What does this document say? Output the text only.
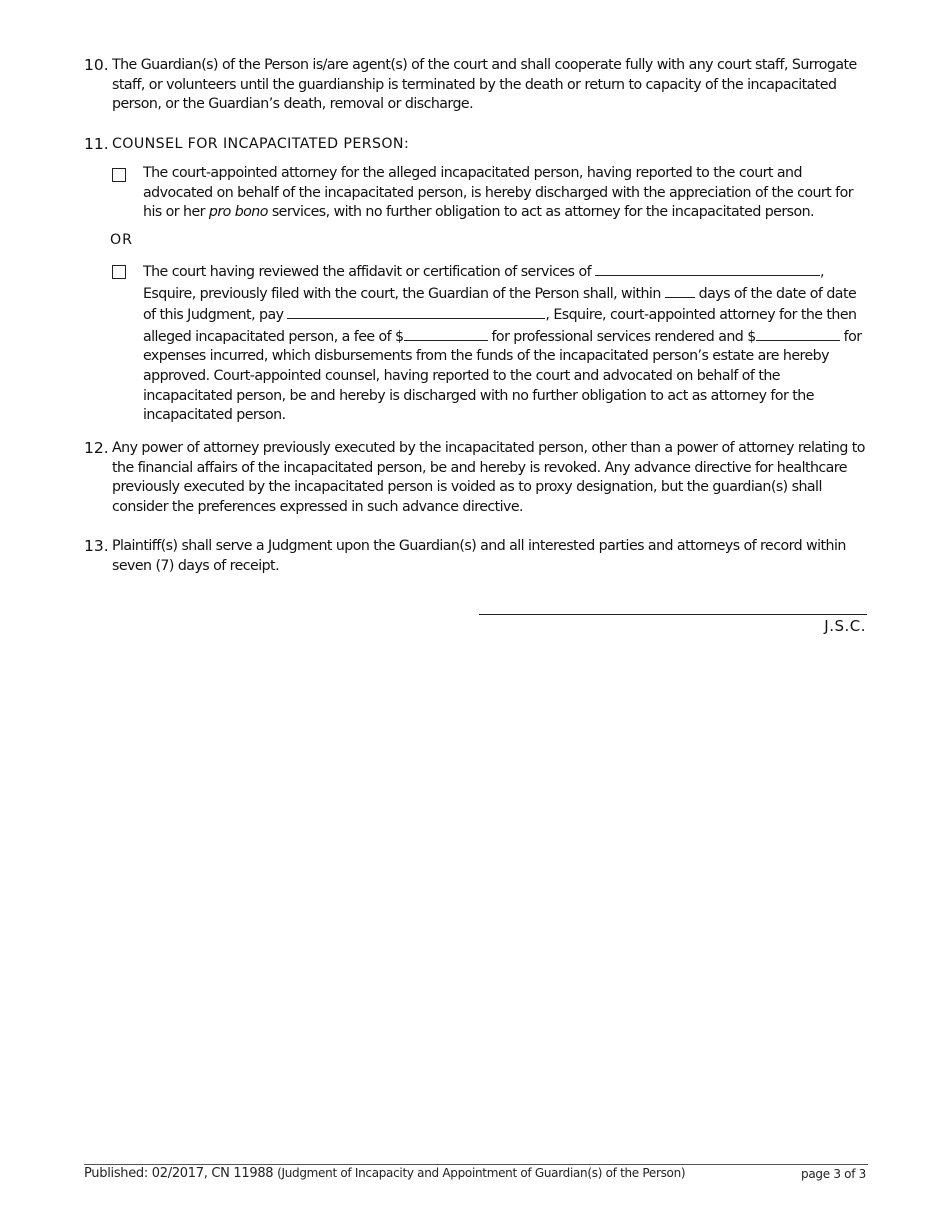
10. The Guardian(s) of the Person is/are agent(s) of the court and shall cooperate fully with any court staff, Surrogate staff, or volunteers until the guardianship is terminated by the death or return to capacity of the incapacitated person, or the Guardian’s death, removal or discharge.
11. COUNSEL FOR INCAPACITATED PERSON:
The court-appointed attorney for the alleged incapacitated person, having reported to the court and advocated on behalf of the incapacitated person, is hereby discharged with the appreciation of the court for his or her pro bono services, with no further obligation to act as attorney for the incapacitated person.
OR
The court having reviewed the affidavit or certification of services of	, Esquire, previously filed with the court, the Guardian of the Person shall, within  days of the date of date of this Judgment, pay	, Esquire, court-appointed attorney for the then alleged incapacitated person, a fee of $	for professional services rendered and $	for expenses incurred, which disbursements from the funds of the incapacitated person’s estate are hereby approved. Court-appointed counsel, having reported to the court and advocated on behalf of the incapacitated person, be and hereby is discharged with no further obligation to act as attorney for the incapacitated person.
12. Any power of attorney previously executed by the incapacitated person, other than a power of attorney relating to the financial affairs of the incapacitated person, be and hereby is revoked. Any advance directive for healthcare previously executed by the incapacitated person is voided as to proxy designation, but the guardian(s) shall consider the preferences expressed in such advance directive.
13. Plaintiff(s) shall serve a Judgment upon the Guardian(s) and all interested parties and attorneys of record within seven (7) days of receipt.
J.S.C.
Published: 02/2017, CN 11988 (Judgment of Incapacity and Appointment of Guardian(s) of the Person)	page 3 of 3
